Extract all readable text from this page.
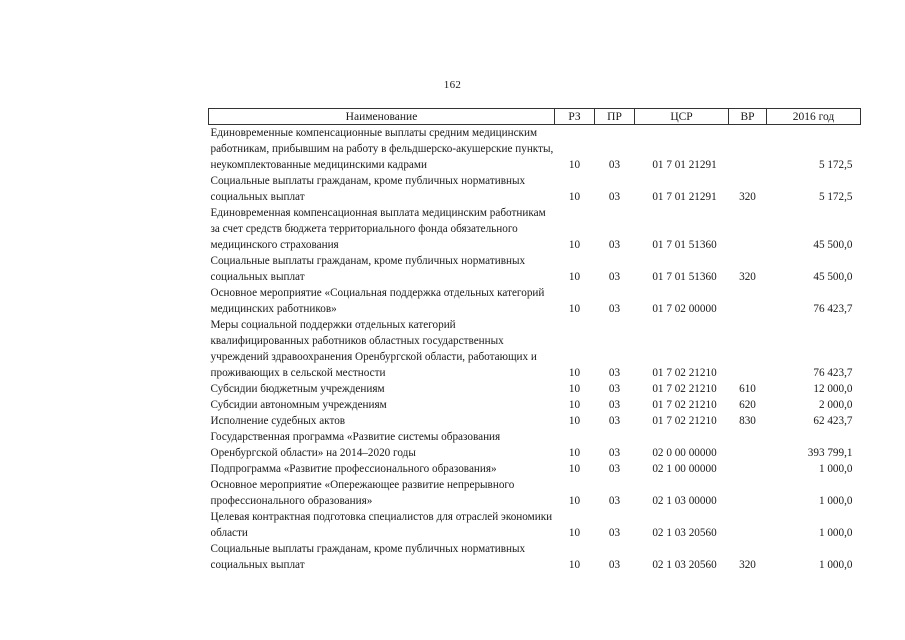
162
Наименование	РЗ	ПР	ЦСР	ВР	2016 год
Единовременные компенсационные выплаты средним медицинским работникам, прибывшим на работу в фельдшерско-акушерские пункты, неукомплектованные медицинскими кадрами	10	03	01 7 01 21291		5 172,5
Социальные выплаты гражданам, кроме публичных нормативных социальных выплат	10	03	01 7 01 21291	320	5 172,5
Единовременная компенсационная выплата медицинским работникам за счет средств бюджета территориального фонда обязательного медицинского страхования	10	03	01 7 01 51360		45 500,0
Социальные выплаты гражданам, кроме публичных нормативных социальных выплат	10	03	01 7 01 51360	320	45 500,0
Основное мероприятие «Социальная поддержка отдельных категорий медицинских работников»	10	03	01 7 02 00000		76 423,7
Меры социальной поддержки отдельных категорий квалифицированных работников областных государственных учреждений здравоохранения Оренбургской области, работающих и проживающих в сельской местности	10	03	01 7 02 21210		76 423,7
Субсидии бюджетным учреждениям	10	03	01 7 02 21210	610	12 000,0
Субсидии автономным учреждениям	10	03	01 7 02 21210	620	2 000,0
Исполнение судебных актов	10	03	01 7 02 21210	830	62 423,7
Государственная программа «Развитие системы образования Оренбургской области» на 2014–2020 годы	10	03	02 0 00 00000		393 799,1
Подпрограмма «Развитие профессионального образования»	10	03	02 1 00 00000		1 000,0
Основное мероприятие «Опережающее развитие непрерывного профессионального образования»	10	03	02 1 03 00000		1 000,0
Целевая контрактная подготовка специалистов для отраслей экономики области	10	03	02 1 03 20560		1 000,0
Социальные выплаты гражданам, кроме публичных нормативных социальных выплат	10	03	02 1 03 20560	320	1 000,0
